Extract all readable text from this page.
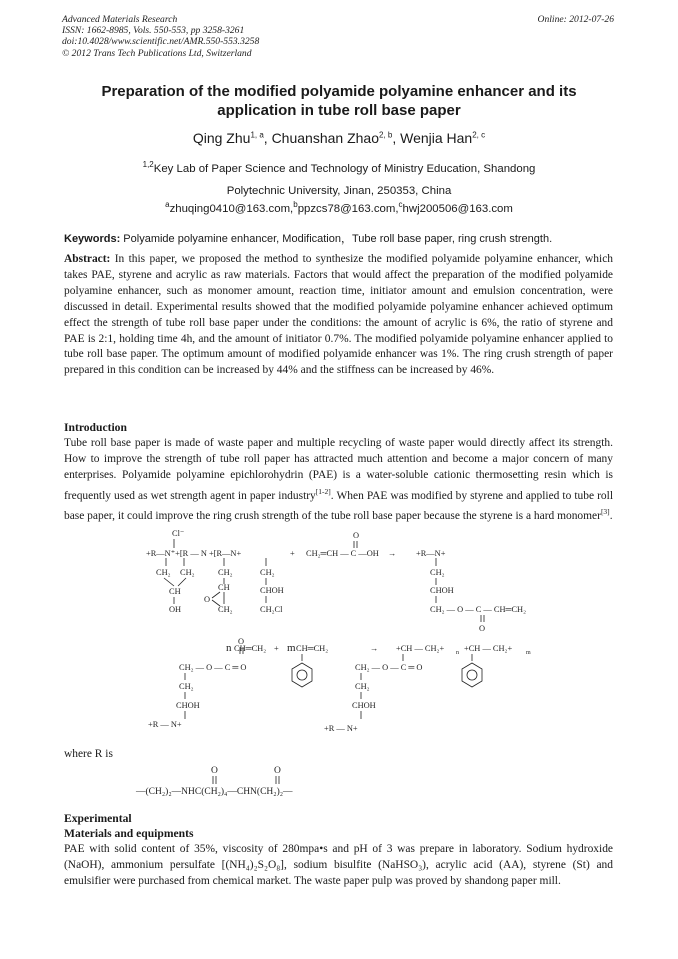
Advanced Materials Research
ISSN: 1662-8985, Vols. 550-553, pp 3258-3261
doi:10.4028/www.scientific.net/AMR.550-553.3258
© 2012 Trans Tech Publications Ltd, Switzerland
Online: 2012-07-26
Preparation of the modified polyamide polyamine enhancer and its
application in tube roll base paper
Qing Zhu$^{1, a}$, Chuanshan Zhao$^{2, b}$, Wenjia Han$^{2, c}$
$^{1,2}$Key Lab of Paper Science and Technology of Ministry Education, Shandong
Polytechnic University, Jinan, 250353, China
$^a$zhuqing0410@163.com,$^b$ppzcs78@163.com,$^c$hwj200506@163.com
Keywords: Polyamide polyamine enhancer, Modification，Tube roll base paper, ring crush strength.
Abstract: In this paper, we proposed the method to synthesize the modified polyamide polyamine enhancer, which takes PAE, styrene and acrylic as raw materials. Factors that would affect the preparation of the modified polyamide polyamine enhancer, such as monomer amount, reaction time, initiator amount and emulsion concentration, were discussed in detail. Experimental results showed that the modified polyamide polyamine enhancer achieved optimum effect the strength of tube roll base paper under the conditions: the amount of acrylic is 6%, the ratio of styrene and PAE is 2:1, holding time 4h, and the amount of initiator 0.7%. The modified polyamide polyamine enhancer applied to tube roll base paper. The optimum amount of modified polyamide enhancer was 1%. The ring crush strength of paper prepared in this condition can be increased by 44% and the stiffness can be increased by 46%.
Introduction
Tube roll base paper is made of waste paper and multiple recycling of waste paper would directly affect its strength. How to improve the strength of tube roll paper has attracted much attention and become a major concern of many enterprises. Polyamide polyamine epichlorohydrin (PAE) is a water-soluble cationic thermosetting resin which is frequently used as wet strength agent in paper industry[1-2]. When PAE was modified by styrene and applied to tube roll base paper, it could improve the ring crush strength of the tube roll base paper because the styrene is a hard monomer[3].
Cl⁻
+R—N⁺+[R — N +[R—N+
CH₂ CH₂
CH
OH
CH₂
CH
O
CH₂
CH₂
CHOH
CH₂Cl
+ CH₂═CH — C —OH
O
→ +R—N+
CH₂
CHOH
CH₂ — O — C — CH═CH₂
O
O
n CH═CH₂ + m CH═CH₂
CH₂ — O — C ═ O
CH₂
CHOH
+R — N+
→ +CH — CH₂+ n +CH — CH₂+ m
CH₂ — O — C ═ O
CH₂
CHOH
+R — N+
where R is
O	O
—(CH₂)₂—NHC(CH₂)₄—CHN(CH₂)₂—
Experimental
Materials and equipments
PAE with solid content of 35%, viscosity of 280mpa•s and pH of 3 was prepare in laboratory. Sodium hydroxide (NaOH), ammonium persulfate [(NH₄)₂S₂O₈], sodium bisulfite (NaHSO₃), acrylic acid (AA), styrene (St) and emulsifier were purchased from chemical market. The waste paper pulp was proved by shandong paper mill.
